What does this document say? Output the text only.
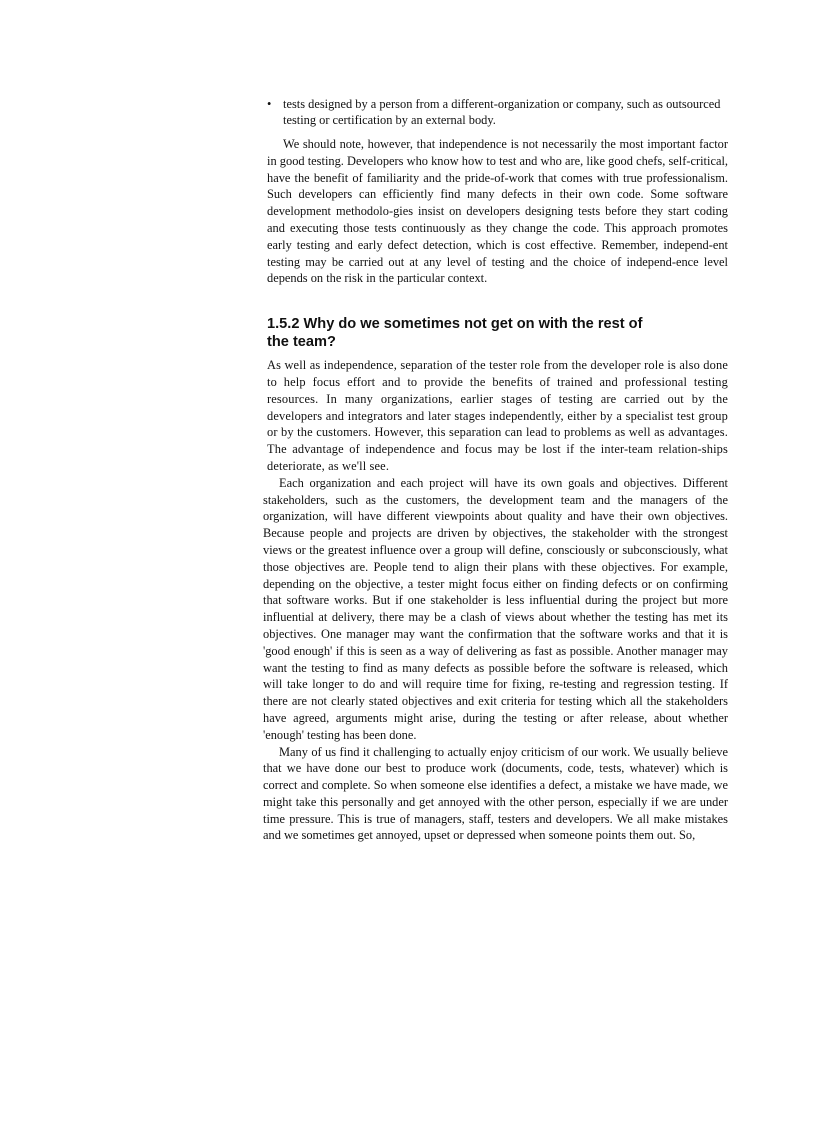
• tests designed by a person from a different-organization or company, such as outsourced testing or certification by an external body.

We should note, however, that independence is not necessarily the most important factor in good testing. Developers who know how to test and who are, like good chefs, self-critical, have the benefit of familiarity and the pride-of-work that comes with true professionalism. Such developers can efficiently find many defects in their own code. Some software development methodolo-gies insist on developers designing tests before they start coding and executing those tests continuously as they change the code. This approach promotes early testing and early defect detection, which is cost effective. Remember, independ-ent testing may be carried out at any level of testing and the choice of independ-ence level depends on the risk in the particular context.

1.5.2 Why do we sometimes not get on with the rest of the team?

As well as independence, separation of the tester role from the developer role is also done to help focus effort and to provide the benefits of trained and professional testing resources. In many organizations, earlier stages of testing are carried out by the developers and integrators and later stages independently, either by a specialist test group or by the customers. However, this separation can lead to problems as well as advantages. The advantage of independence and focus may be lost if the inter-team relation-ships deteriorate, as we'll see.

Each organization and each project will have its own goals and objectives. Different stakeholders, such as the customers, the development team and the managers of the organization, will have different viewpoints about quality and have their own objectives. Because people and projects are driven by objectives, the stakeholder with the strongest views or the greatest influence over a group will define, consciously or subconsciously, what those objectives are. People tend to align their plans with these objectives. For example, depending on the objective, a tester might focus either on finding defects or on confirming that software works. But if one stakeholder is less influential during the project but more influential at delivery, there may be a clash of views about whether the testing has met its objectives. One manager may want the confirmation that the software works and that it is 'good enough' if this is seen as a way of delivering as fast as possible. Another manager may want the testing to find as many defects as possible before the software is released, which will take longer to do and will require time for fixing, re-testing and regression testing. If there are not clearly stated objectives and exit criteria for testing which all the stakeholders have agreed, arguments might arise, during the testing or after release, about whether 'enough' testing has been done.

Many of us find it challenging to actually enjoy criticism of our work. We usually believe that we have done our best to produce work (documents, code, tests, whatever) which is correct and complete. So when someone else identifies a defect, a mistake we have made, we might take this personally and get annoyed with the other person, especially if we are under time pressure. This is true of managers, staff, testers and developers. We all make mistakes and we sometimes get annoyed, upset or depressed when someone points them out. So,
